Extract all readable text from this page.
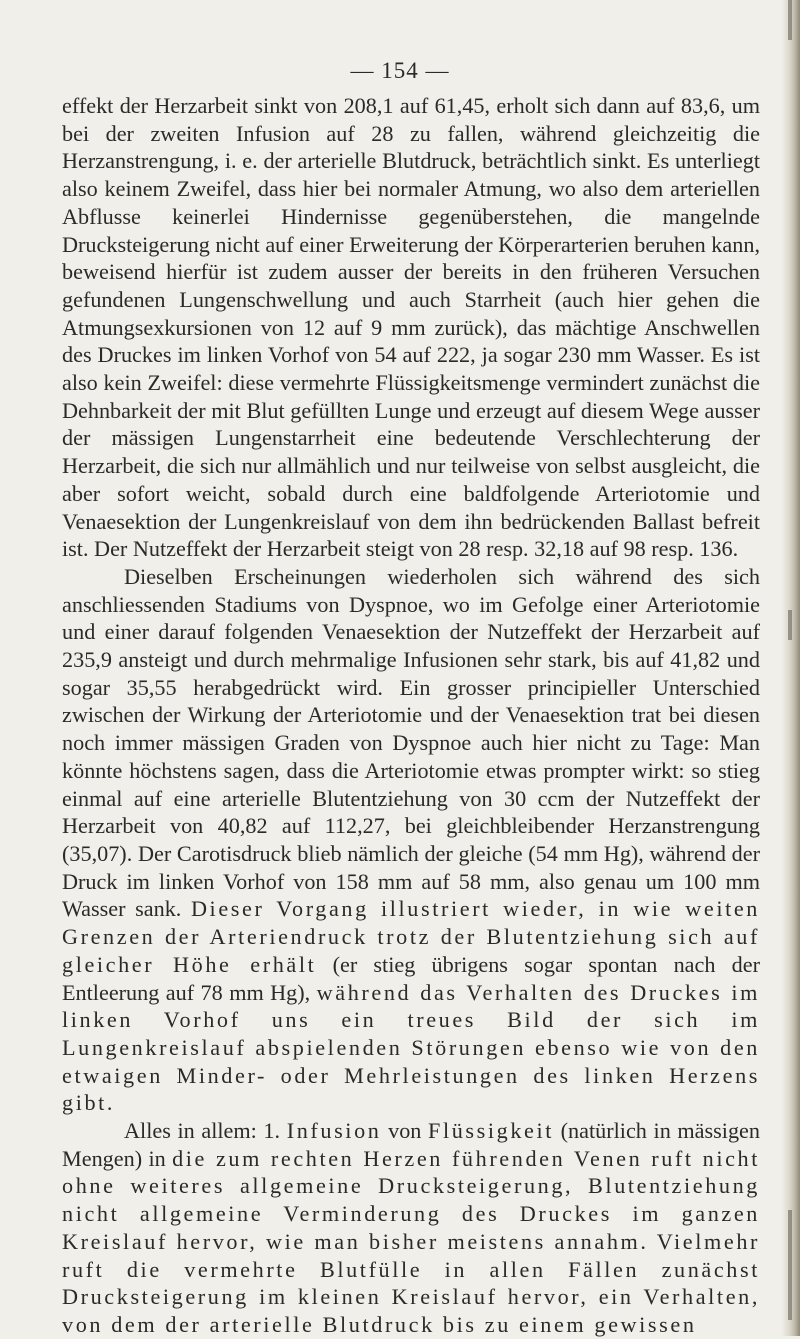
— 154 —

effekt der Herzarbeit sinkt von 208,1 auf 61,45, erholt sich dann auf 83,6, um bei der zweiten Infusion auf 28 zu fallen, während gleichzeitig die Herzanstrengung, i. e. der arterielle Blutdruck, beträchtlich sinkt. Es unterliegt also keinem Zweifel, dass hier bei normaler Atmung, wo also dem arteriellen Abflusse keinerlei Hindernisse gegenüberstehen, die mangelnde Drucksteigerung nicht auf einer Erweiterung der Körperarterien beruhen kann, beweisend hierfür ist zudem ausser der bereits in den früheren Versuchen gefundenen Lungenschwellung und auch Starrheit (auch hier gehen die Atmungsexkursionen von 12 auf 9 mm zurück), das mächtige Anschwellen des Druckes im linken Vorhof von 54 auf 222, ja sogar 230 mm Wasser. Es ist also kein Zweifel: diese vermehrte Flüssigkeitsmenge vermindert zunächst die Dehnbarkeit der mit Blut gefüllten Lunge und erzeugt auf diesem Wege ausser der mässigen Lungenstarrheit eine bedeutende Verschlechterung der Herzarbeit, die sich nur allmählich und nur teilweise von selbst ausgleicht, die aber sofort weicht, sobald durch eine baldfolgende Arteriotomie und Venaesektion der Lungenkreislauf von dem ihn bedrückenden Ballast befreit ist. Der Nutzeffekt der Herzarbeit steigt von 28 resp. 32,18 auf 98 resp. 136.

Dieselben Erscheinungen wiederholen sich während des sich anschliessenden Stadiums von Dyspnoe, wo im Gefolge einer Arteriotomie und einer darauf folgenden Venaesektion der Nutzeffekt der Herzarbeit auf 235,9 ansteigt und durch mehrmalige Infusionen sehr stark, bis auf 41,82 und sogar 35,55 herabgedrückt wird. Ein grosser principieller Unterschied zwischen der Wirkung der Arteriotomie und der Venaesektion trat bei diesen noch immer mässigen Graden von Dyspnoe auch hier nicht zu Tage: Man könnte höchstens sagen, dass die Arteriotomie etwas prompter wirkt: so stieg einmal auf eine arterielle Blutentziehung von 30 ccm der Nutzeffekt der Herzarbeit von 40,82 auf 112,27, bei gleichbleibender Herzanstrengung (35,07). Der Carotisdruck blieb nämlich der gleiche (54 mm Hg), während der Druck im linken Vorhof von 158 mm auf 58 mm, also genau um 100 mm Wasser sank. Dieser Vorgang illustriert wieder, in wie weiten Grenzen der Arteriendruck trotz der Blutentziehung sich auf gleicher Höhe erhält (er stieg übrigens sogar spontan nach der Entleerung auf 78 mm Hg), während das Verhalten des Druckes im linken Vorhof uns ein treues Bild der sich im Lungenkreislauf abspielenden Störungen ebenso wie von den etwaigen Minder- oder Mehrleistungen des linken Herzens gibt.

Alles in allem: 1. Infusion von Flüssigkeit (natürlich in mässigen Mengen) in die zum rechten Herzen führenden Venen ruft nicht ohne weiteres allgemeine Drucksteigerung, Blutentziehung nicht allgemeine Verminderung des Druckes im ganzen Kreislauf hervor, wie man bisher meistens annahm. Vielmehr ruft die vermehrte Blutfülle in allen Fällen zunächst Drucksteigerung im kleinen Kreislauf hervor, ein Verhalten, von dem der arterielle Blutdruck bis zu einem gewissen
